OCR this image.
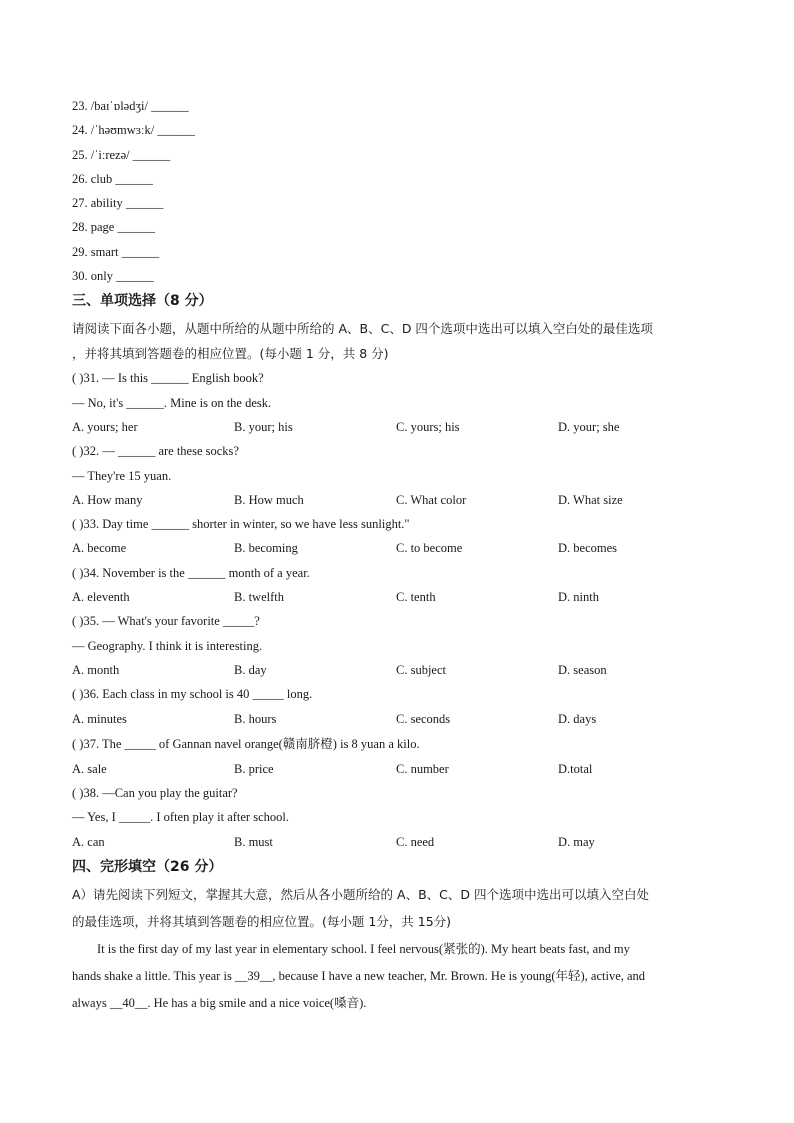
23. /baɪˈɒlədʒi/ ______
24. /ˈhəʊmwɜːk/ ______
25. /ˈiːrezə/ ______
26. club ______
27. ability ______
28. page ______
29. smart ______
30. only ______
三、单项选择（8 分）
请阅读下面各小题，从题中所给的从题中所给的 A、B、C、D 四个选项中选出可以填入空白处的最佳选项
，并将其填到答题卷的相应位置。(每小题 1 分，共 8 分)
( )31. — Is this ______ English book?
— No, it's ______. Mine is on the desk.
A. yours; her	B. your; his	C. yours; his	D. your; she
( )32. — ______ are these socks?
— They're 15 yuan.
A. How many	B. How much	C. What color	D. What size
( )33. Day time ______ shorter in winter, so we have less sunlight."
A. become	B. becoming	C. to become	D. becomes
( )34. November is the ______ month of a year.
A. eleventh	B. twelfth	C. tenth	D. ninth
( )35. — What's your favorite _____?
— Geography. I think it is interesting.
A. month	B. day	C. subject	D. season
( )36. Each class in my school is 40 _____ long.
A. minutes	B. hours	C. seconds	D. days
( )37. The _____ of Gannan navel orange(赣南脐橙) is 8 yuan a kilo.
A. sale	B. price	C. number	D.total
( )38. —Can you play the guitar?
— Yes, I _____. I often play it after school.
A. can	B. must	C. need	D. may
四、完形填空（26 分）
A）请先阅读下列短文，掌握其大意，然后从各小题所给的 A、B、C、D 四个选项中选出可以填入空白处
的最佳选项，并将其填到答题卷的相应位置。(每小题 1分，共 15分)
It is the first day of my last year in elementary school. I feel nervous(紧张的). My heart beats fast, and my
hands shake a little. This year is __39__, because I have a new teacher, Mr. Brown. He is young(年轻), active, and
always __40__. He has a big smile and a nice voice(嗓音).
